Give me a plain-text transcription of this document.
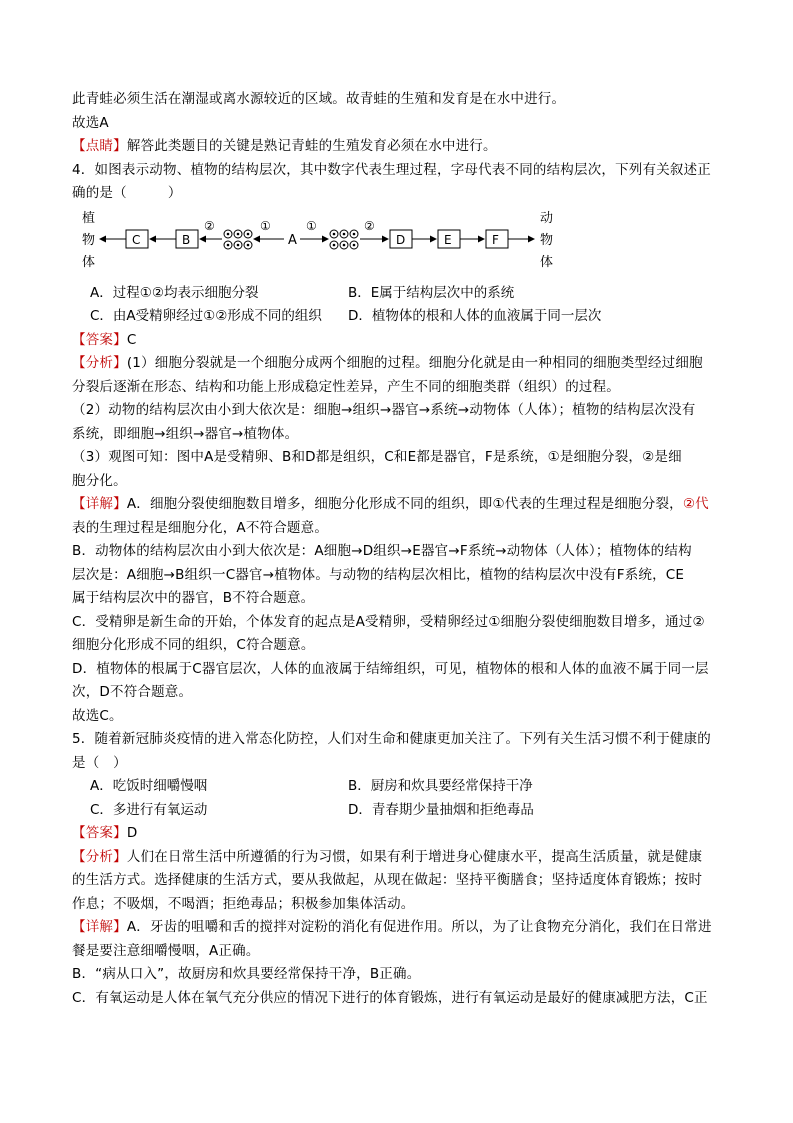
此青蛙必须生活在潮湿或离水源较近的区域。故青蛙的生殖和发育是在水中进行。
故选A
【点睛】解答此类题目的关键是熟记青蛙的生殖发育必须在水中进行。
4．如图表示动物、植物的结构层次，其中数字代表生理过程，字母代表不同的结构层次，下列有关叙述正
确的是（　　　）
植
物
体
动
物
体
C	B	D	E	F
A
②	①	①	②
A．过程①②均表示细胞分裂	B．E属于结构层次中的系统
C．由A受精卵经过①②形成不同的组织	D．植物体的根和人体的血液属于同一层次
【答案】C
【分析】(1）细胞分裂就是一个细胞分成两个细胞的过程。细胞分化就是由一种相同的细胞类型经过细胞
分裂后逐渐在形态、结构和功能上形成稳定性差异，产生不同的细胞类群（组织）的过程。
（2）动物的结构层次由小到大依次是：细胞→组织→器官→系统→动物体（人体）；植物的结构层次没有
系统，即细胞→组织→器官→植物体。
（3）观图可知：图中A是受精卵、B和D都是组织，C和E都是器官，F是系统，①是细胞分裂，②是细
胞分化。
【详解】A．细胞分裂使细胞数目增多，细胞分化形成不同的组织，即①代表的生理过程是细胞分裂，②代
表的生理过程是细胞分化，A不符合题意。
B．动物体的结构层次由小到大依次是：A细胞→D组织→E器官→F系统→动物体（人体）；植物体的结构
层次是：A细胞→B组织一C器官→植物体。与动物的结构层次相比，植物的结构层次中没有F系统，CE
属于结构层次中的器官，B不符合题意。
C．受精卵是新生命的开始，个体发育的起点是A受精卵，受精卵经过①细胞分裂使细胞数目增多，通过②
细胞分化形成不同的组织，C符合题意。
D．植物体的根属于C器官层次，人体的血液属于结缔组织，可见，植物体的根和人体的血液不属于同一层
次，D不符合题意。
故选C。
5．随着新冠肺炎疫情的进入常态化防控，人们对生命和健康更加关注了。下列有关生活习惯不利于健康的
是（　）
A．吃饭时细嚼慢咽	B．厨房和炊具要经常保持干净
C．多进行有氧运动	D．青春期少量抽烟和拒绝毒品
【答案】D
【分析】人们在日常生活中所遵循的行为习惯，如果有利于增进身心健康水平，提高生活质量，就是健康
的生活方式。选择健康的生活方式，要从我做起，从现在做起：坚持平衡膳食；坚持适度体育锻炼；按时
作息；不吸烟，不喝酒；拒绝毒品；积极参加集体活动。
【详解】A．牙齿的咀嚼和舌的搅拌对淀粉的消化有促进作用。所以，为了让食物充分消化，我们在日常进
餐是要注意细嚼慢咽，A正确。
B．“病从口入”，故厨房和炊具要经常保持干净，B正确。
C．有氧运动是人体在氧气充分供应的情况下进行的体育锻炼，进行有氧运动是最好的健康减肥方法，C正
